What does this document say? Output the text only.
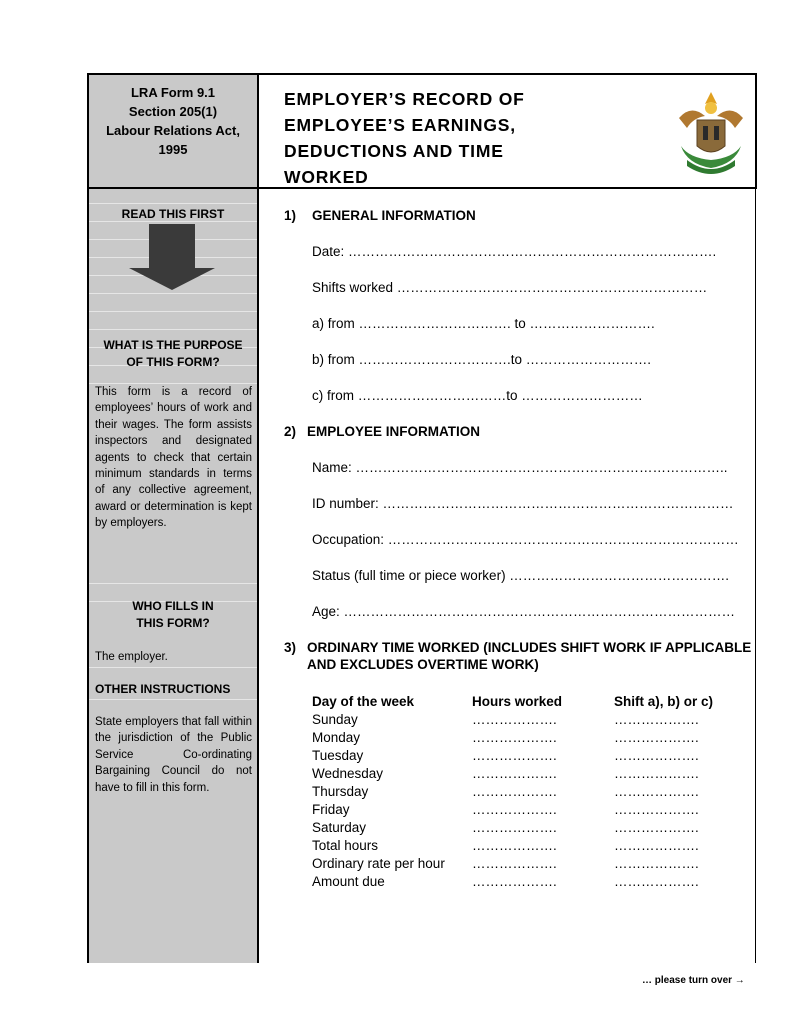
LRA Form 9.1
Section 205(1)
Labour Relations Act,
1995
READ THIS FIRST
WHAT IS THE PURPOSE
OF THIS FORM?
This form is a record of employees’ hours of work and their wages. The form assists inspectors and designated agents to check that certain minimum standards in terms of any collective agreement, award or determination is kept by employers.
WHO FILLS IN
THIS FORM?
The employer.
OTHER INSTRUCTIONS
State employers that fall within the jurisdiction of the Public Service Co-ordinating Bargaining Council do not have to fill in this form.
EMPLOYER’S RECORD OF
EMPLOYEE’S EARNINGS,
DEDUCTIONS AND TIME
WORKED
1) GENERAL INFORMATION
Date: ……………………………………………………………………….
Shifts worked ……………………………………………………………
a) from ……………………………. to ……………………….
b) from …………………………….to ……………………….
c) from ……………………………to ………………………
2) EMPLOYEE INFORMATION
Name: ………………………………………………………………………..
ID number: ……………………………………………………………………
Occupation: ……………………………………………………………………
Status (full time or piece worker) ………………………………………….
Age: ……………………………………………………………………………
3) ORDINARY TIME WORKED (INCLUDES SHIFT WORK IF APPLICABLE
AND EXCLUDES OVERTIME WORK)
Day of the week	Hours worked	Shift a), b) or c)
Sunday	……………….	……………….
Monday	……………….	……………….
Tuesday	……………….	……………….
Wednesday	……………….	……………….
Thursday	……………….	……………….
Friday	……………….	……………….
Saturday	……………….	……………….
Total hours	……………….	……………….
Ordinary rate per hour ……………….	……………….
Amount due	……………….	……………….
… please turn over →
